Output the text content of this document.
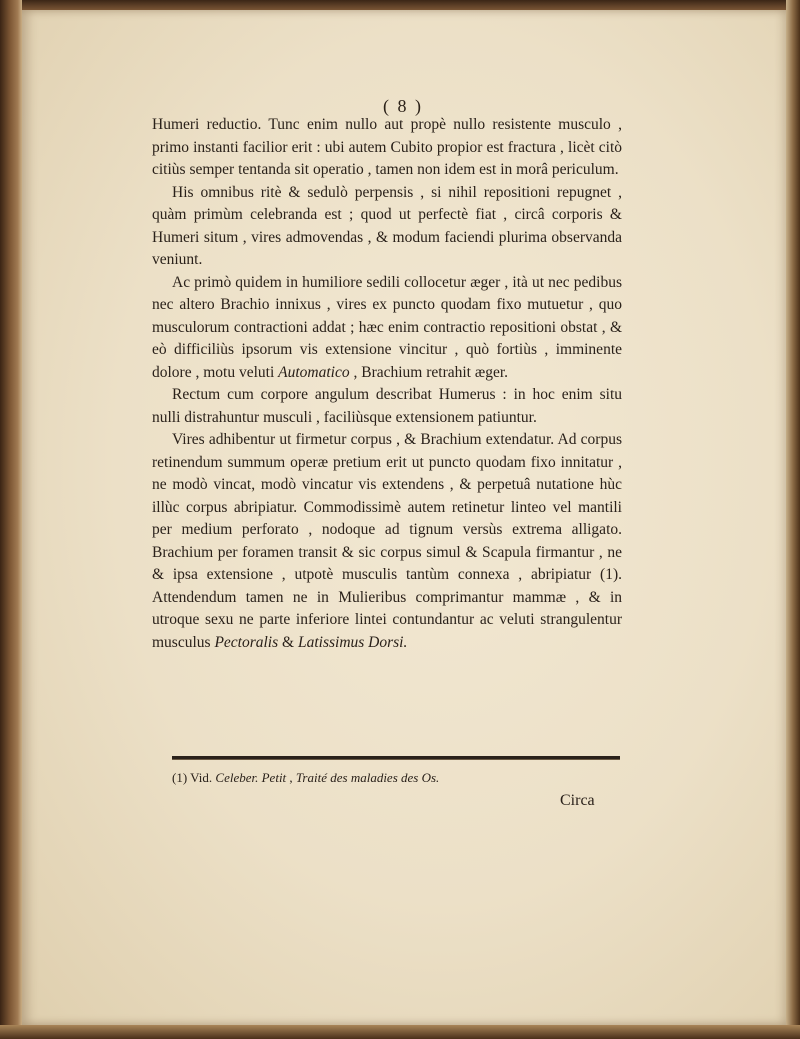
( 8 )

Humeri reductio. Tunc enim nullo aut propè nullo resistente musculo , primo instanti facilior erit : ubi autem Cubito propior est fractura , licèt citò citiùs semper tentanda sit operatio , tamen non idem est in morâ periculum.

His omnibus ritè & sedulò perpensis , si nihil repositioni repugnet , quàm primùm celebranda est ; quod ut perfectè fiat , circâ corporis & Humeri situm , vires admovendas , & modum faciendi plurima observanda veniunt.

Ac primò quidem in humiliore sedili collocetur æger , ità ut nec pedibus nec altero Brachio innixus , vires ex puncto quodam fixo mutuetur , quo musculorum contractioni addat ; hæc enim contractio repositioni obstat , & eò difficiliùs ipsorum vis extensione vincitur , quò fortiùs , imminente dolore , motu veluti Automatico , Brachium retrahit æger.

Rectum cum corpore angulum describat Humerus : in hoc enim situ nulli distrahuntur musculi , faciliùsque extensionem patiuntur.

Vires adhibentur ut firmetur corpus , & Brachium extendatur. Ad corpus retinendum summum operæ pretium erit ut puncto quodam fixo innitatur , ne modò vincat, modò vincatur vis extendens , & perpetuâ nutatione hùc illùc corpus abripiatur. Commodissimè autem retinetur linteo vel mantili per medium perforato , nodoque ad tignum versùs extrema alligato. Brachium per foramen transit & sic corpus simul & Scapula firmantur , ne & ipsa extensione , utpotè musculis tantùm connexa , abripiatur (1). Attendendum tamen ne in Mulieribus comprimantur mammæ , & in utroque sexu ne parte inferiore lintei contundantur ac veluti strangulentur musculus Pectoralis & Latissimus Dorsi.

(1) Vid. Celeber. Petit , Traité des maladies des Os.
Circa
